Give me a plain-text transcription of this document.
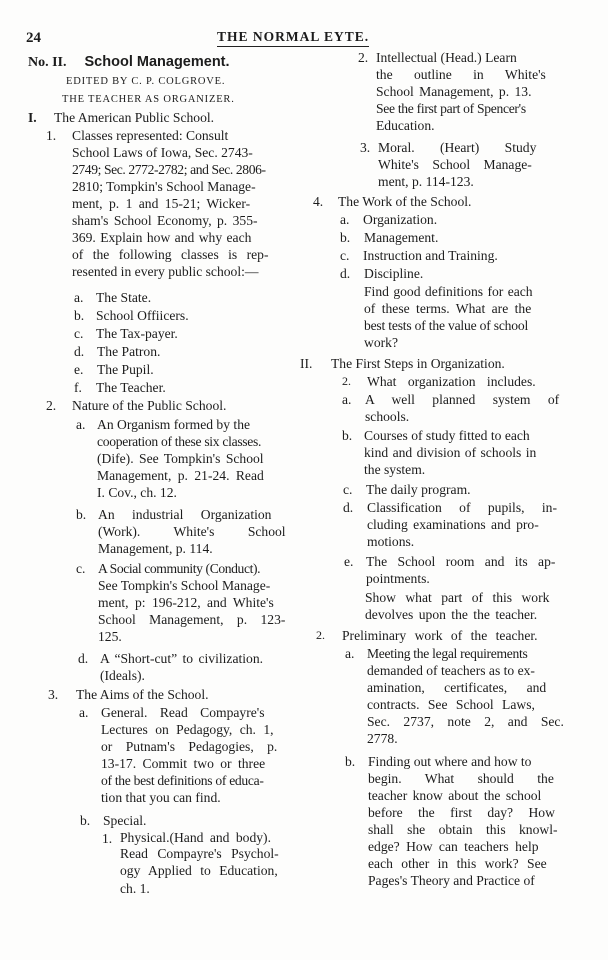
24	THE NORMAL EYTE.
No. II. School Management.
EDITED BY C. P. COLGROVE.
THE TEACHER AS ORGANIZER.
I. The American Public School.
1. Classes represented: Consult
School Laws of Iowa, Sec. 2743-
2749; Sec. 2772-2782; and Sec. 2806-
2810; Tompkin's School Manage-
ment, p. 1 and 15-21; Wicker-
sham's School Economy, p. 355-
369. Explain how and why each
of the following classes is rep-
resented in every public school:—
a. The State.
b. School Offiicers.
c. The Tax-payer.
d. The Patron.
e. The Pupil.
f. The Teacher.
2. Nature of the Public School.
a. An Organism formed by the
cooperation of these six classes.
(Dife). See Tompkin's School
Management, p. 21-24. Read
I. Cov., ch. 12.
b. An industrial Organization
(Work). White's School
Management, p. 114.
c. A Social community (Conduct).
See Tompkin's School Manage-
ment, p: 196-212, and White's
School Management, p. 123-
125.
d. A “Short-cut” to civilization.
(Ideals).
3. The Aims of the School.
a. General. Read Compayre's
Lectures on Pedagogy, ch. 1,
or Putnam's Pedagogies, p.
13-17. Commit two or three
of the best definitions of educa-
tion that you can find.
b. Special.
1. Physical.(Hand and body).
Read Compayre's Psychol-
ogy Applied to Education,
ch. 1.
2. Intellectual (Head.) Learn
the outline in White's
School Management, p. 13.
See the first part of Spencer's
Education.
3. Moral. (Heart) Study
White's School Manage-
ment, p. 114-123.
4. The Work of the School.
a. Organization.
b. Management.
c. Instruction and Training.
d. Discipline.
Find good definitions for each
of these terms. What are the
best tests of the value of school
work?
II. The First Steps in Organization.
2. What organization includes.
a. A well planned system of
schools.
b. Courses of study fitted to each
kind and division of schools in
the system.
c. The daily program.
d. Classification of pupils, in-
cluding examinations and pro-
motions.
e. The School room and its ap-
pointments.
Show what part of this work
devolves upon the the teacher.
2. Preliminary work of the teacher.
a. Meeting the legal requirements
demanded of teachers as to ex-
amination, certificates, and
contracts. See School Laws,
Sec. 2737, note 2, and Sec.
2778.
b. Finding out where and how to
begin. What should the
teacher know about the school
before the first day? How
shall she obtain this knowl-
edge? How can teachers help
each other in this work? See
Pages's Theory and Practice of
